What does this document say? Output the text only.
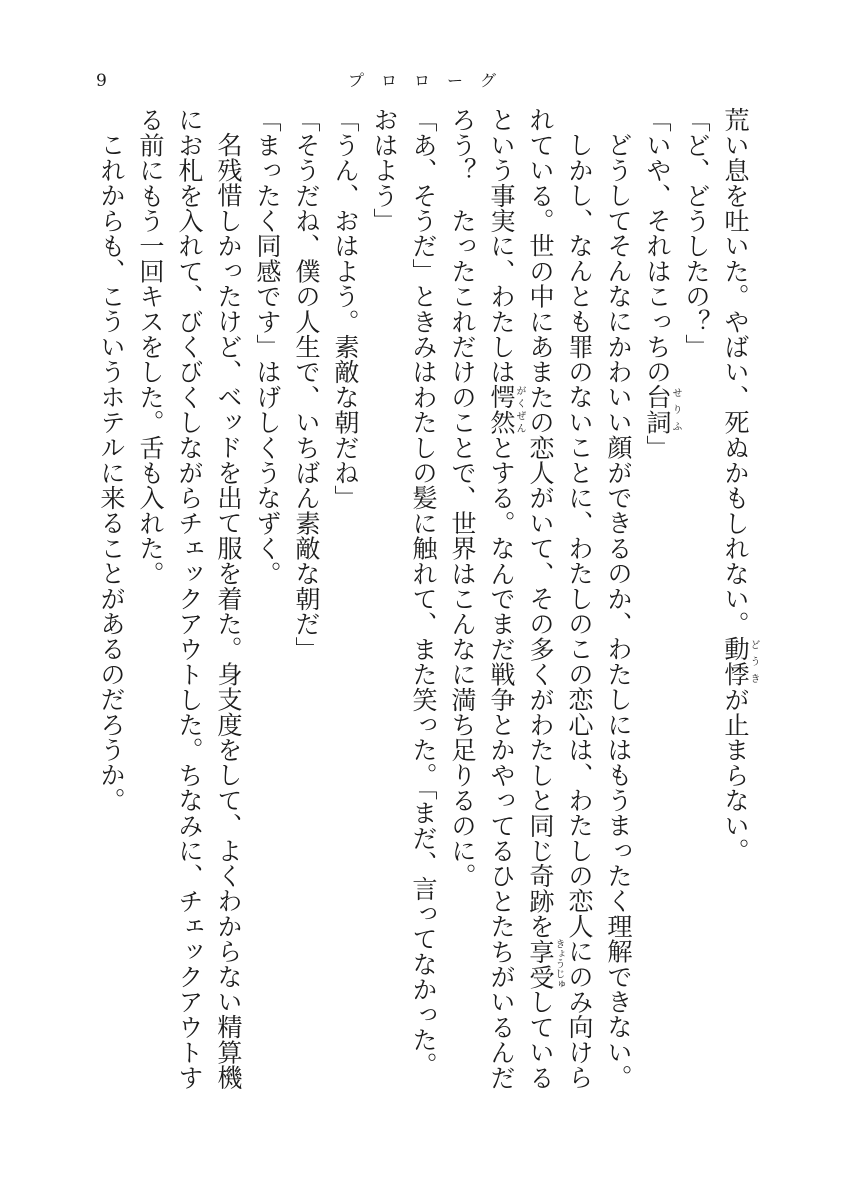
9	プロローグ
荒い息を吐いた。やばい、死ぬかもしれない。動悸どうきが止まらない。
「ど、どうしたの？」
「いや、それはこっちの台詞せりふ」
どうしてそんなにかわいい顔ができるのか、わたしにはもうまったく理解できない。
しかし、なんとも罪のないことに、わたしのこの恋心は、わたしの恋人にのみ向けら
れている。世の中にあまたの恋人がいて、その多くがわたしと同じ奇跡を享受きょうじゅしている
という事実に、わたしは愕然がくぜんとする。なんでまだ戦争とかやってるひとたちがいるんだ
ろう？　たったこれだけのことで、世界はこんなに満ち足りるのに。
「あ、そうだ」ときみはわたしの髪に触れて、また笑った。「まだ、言ってなかった。
おはよう」
「うん、おはよう。素敵な朝だね」
「そうだね、僕の人生で、いちばん素敵な朝だ」
「まったく同感です」はげしくうなずく。
名残惜しかったけど、ベッドを出て服を着た。身支度をして、よくわからない精算機
にお札を入れて、びくびくしながらチェックアウトした。ちなみに、チェックアウトす
る前にもう一回キスをした。舌も入れた。
これからも、こういうホテルに来ることがあるのだろうか。
